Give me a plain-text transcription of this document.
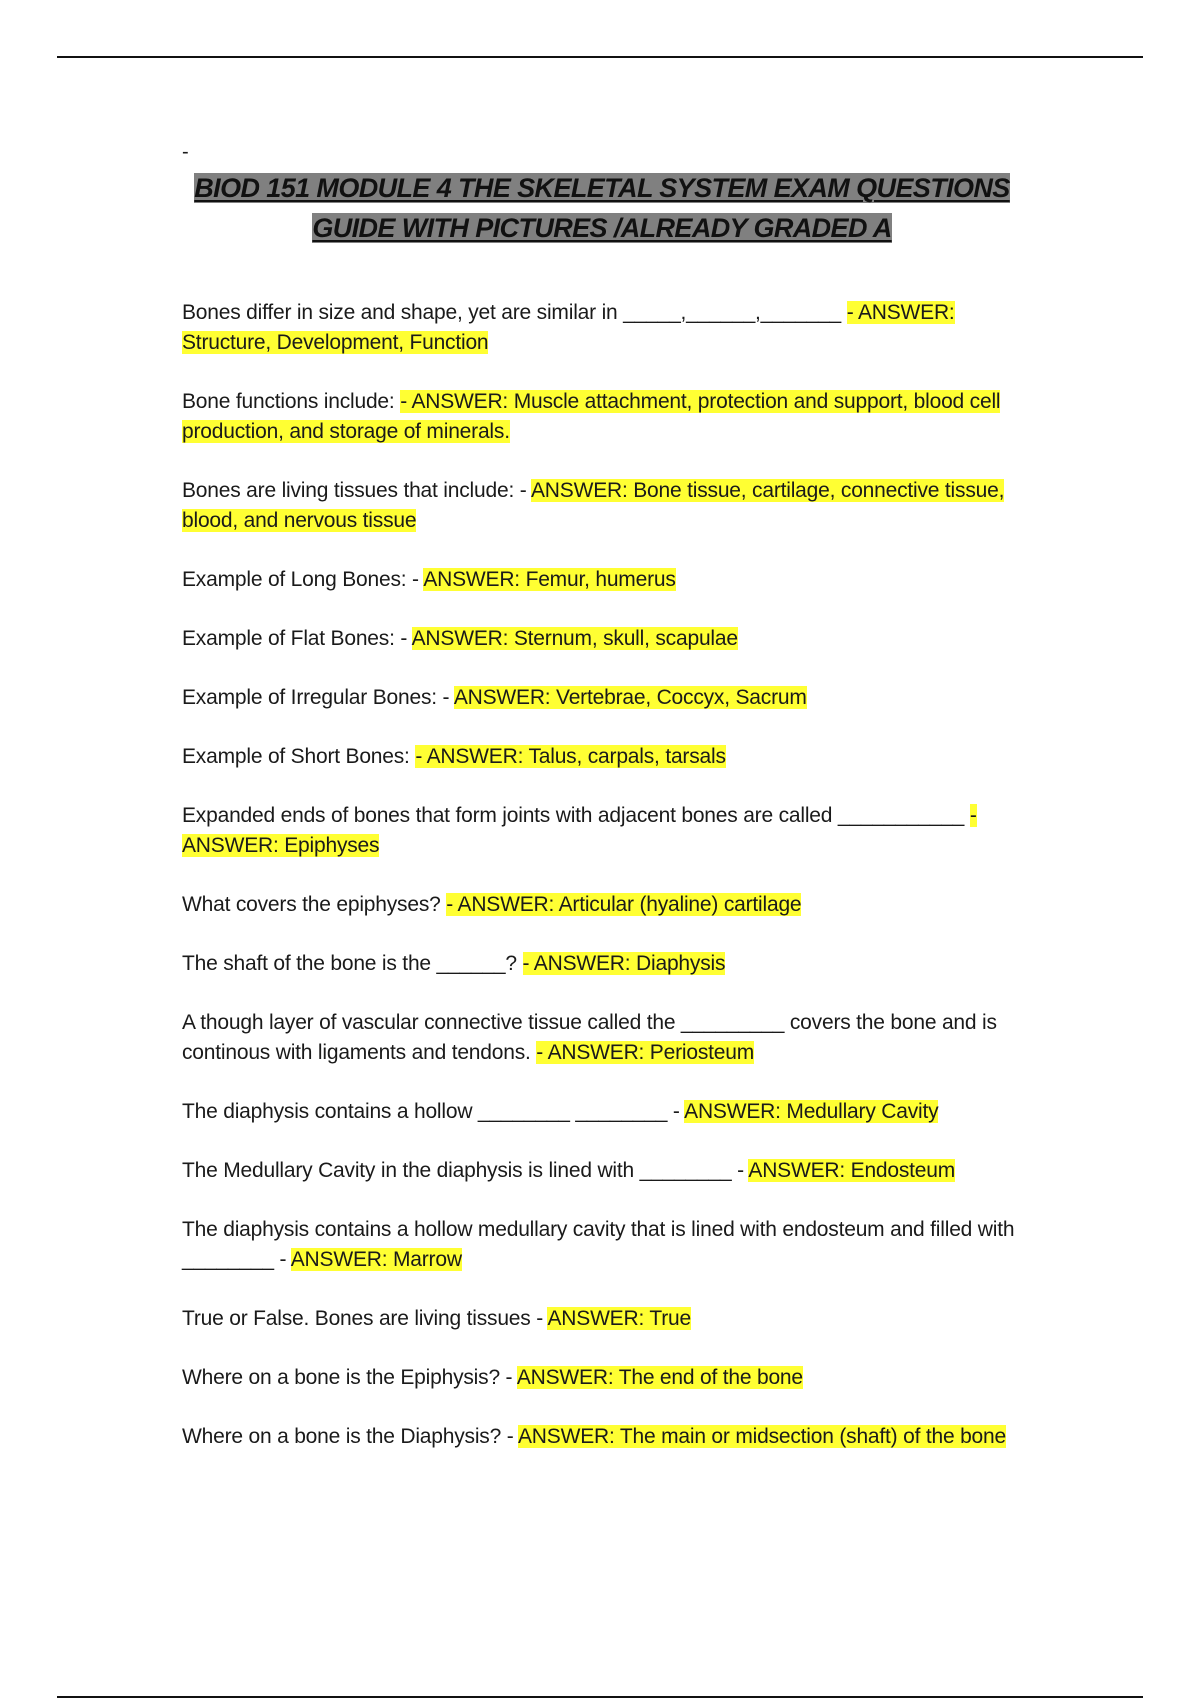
-

BIOD 151 MODULE 4 THE SKELETAL SYSTEM EXAM QUESTIONS
GUIDE WITH PICTURES /ALREADY GRADED A

Bones differ in size and shape, yet are similar in _____,______,_______ - ANSWER: Structure, Development, Function

Bone functions include: - ANSWER: Muscle attachment, protection and support, blood cell production, and storage of minerals.

Bones are living tissues that include: - ANSWER: Bone tissue, cartilage, connective tissue, blood, and nervous tissue

Example of Long Bones: - ANSWER: Femur, humerus

Example of Flat Bones: - ANSWER: Sternum, skull, scapulae

Example of Irregular Bones: - ANSWER: Vertebrae, Coccyx, Sacrum

Example of Short Bones: - ANSWER: Talus, carpals, tarsals

Expanded ends of bones that form joints with adjacent bones are called ___________ - ANSWER: Epiphyses

What covers the epiphyses? - ANSWER: Articular (hyaline) cartilage

The shaft of the bone is the ______? - ANSWER: Diaphysis

A though layer of vascular connective tissue called the _________ covers the bone and is continous with ligaments and tendons. - ANSWER: Periosteum

The diaphysis contains a hollow ________ ________ - ANSWER: Medullary Cavity

The Medullary Cavity in the diaphysis is lined with ________ - ANSWER: Endosteum

The diaphysis contains a hollow medullary cavity that is lined with endosteum and filled with ________ - ANSWER: Marrow

True or False. Bones are living tissues - ANSWER: True

Where on a bone is the Epiphysis? - ANSWER: The end of the bone

Where on a bone is the Diaphysis? - ANSWER: The main or midsection (shaft) of the bone
